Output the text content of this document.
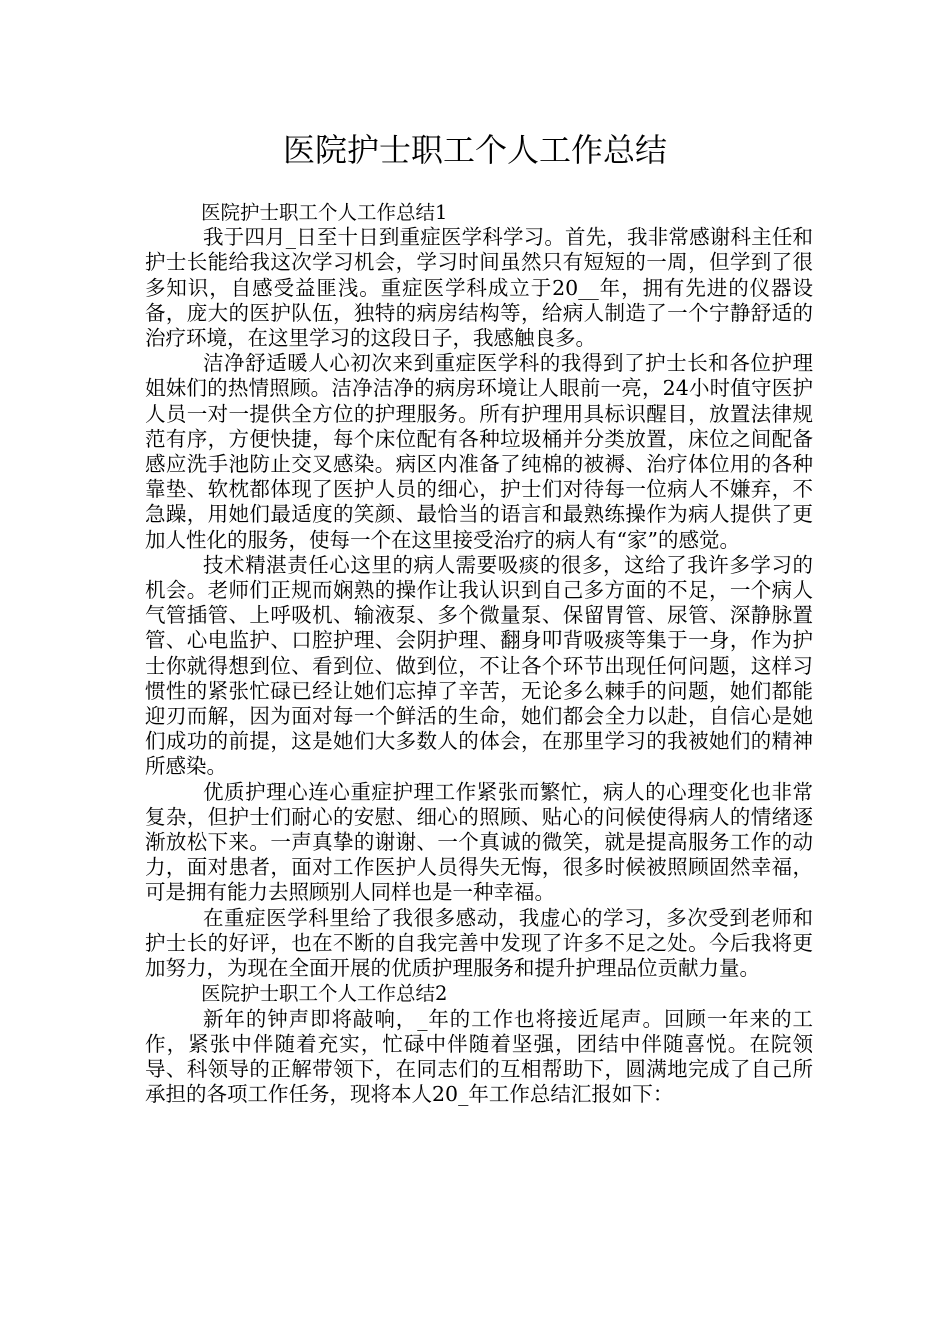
医院护士职工个人工作总结

医院护士职工个人工作总结1

我于四月_日至十日到重症医学科学习。首先，我非常感谢科主任和护士长能给我这次学习机会，学习时间虽然只有短短的一周，但学到了很多知识，自感受益匪浅。重症医学科成立于20__年，拥有先进的仪器设备，庞大的医护队伍，独特的病房结构等，给病人制造了一个宁静舒适的治疗环境，在这里学习的这段日子，我感触良多。

洁净舒适暖人心初次来到重症医学科的我得到了护士长和各位护理姐妹们的热情照顾。洁净洁净的病房环境让人眼前一亮，24小时值守医护人员一对一提供全方位的护理服务。所有护理用具标识醒目，放置法律规范有序，方便快捷，每个床位配有各种垃圾桶并分类放置，床位之间配备感应洗手池防止交叉感染。病区内准备了纯棉的被褥、治疗体位用的各种靠垫、软枕都体现了医护人员的细心，护士们对待每一位病人不嫌弃，不急躁，用她们最适度的笑颜、最恰当的语言和最熟练操作为病人提供了更加人性化的服务，使每一个在这里接受治疗的病人有“家”的感觉。

技术精湛责任心这里的病人需要吸痰的很多，这给了我许多学习的机会。老师们正规而娴熟的操作让我认识到自己多方面的不足，一个病人气管插管、上呼吸机、输液泵、多个微量泵、保留胃管、尿管、深静脉置管、心电监护、口腔护理、会阴护理、翻身叩背吸痰等集于一身，作为护士你就得想到位、看到位、做到位，不让各个环节出现任何问题，这样习惯性的紧张忙碌已经让她们忘掉了辛苦，无论多么棘手的问题，她们都能迎刃而解，因为面对每一个鲜活的生命，她们都会全力以赴，自信心是她们成功的前提，这是她们大多数人的体会，在那里学习的我被她们的精神所感染。

优质护理心连心重症护理工作紧张而繁忙，病人的心理变化也非常复杂，但护士们耐心的安慰、细心的照顾、贴心的问候使得病人的情绪逐渐放松下来。一声真挚的谢谢、一个真诚的微笑，就是提高服务工作的动力，面对患者，面对工作医护人员得失无悔，很多时候被照顾固然幸福，可是拥有能力去照顾别人同样也是一种幸福。

在重症医学科里给了我很多感动，我虚心的学习，多次受到老师和护士长的好评，也在不断的自我完善中发现了许多不足之处。今后我将更加努力，为现在全面开展的优质护理服务和提升护理品位贡献力量。

医院护士职工个人工作总结2

新年的钟声即将敲响，_年的工作也将接近尾声。回顾一年来的工作，紧张中伴随着充实，忙碌中伴随着坚强，团结中伴随喜悦。在院领导、科领导的正解带领下，在同志们的互相帮助下，圆满地完成了自己所承担的各项工作任务，现将本人20_年工作总结汇报如下：
